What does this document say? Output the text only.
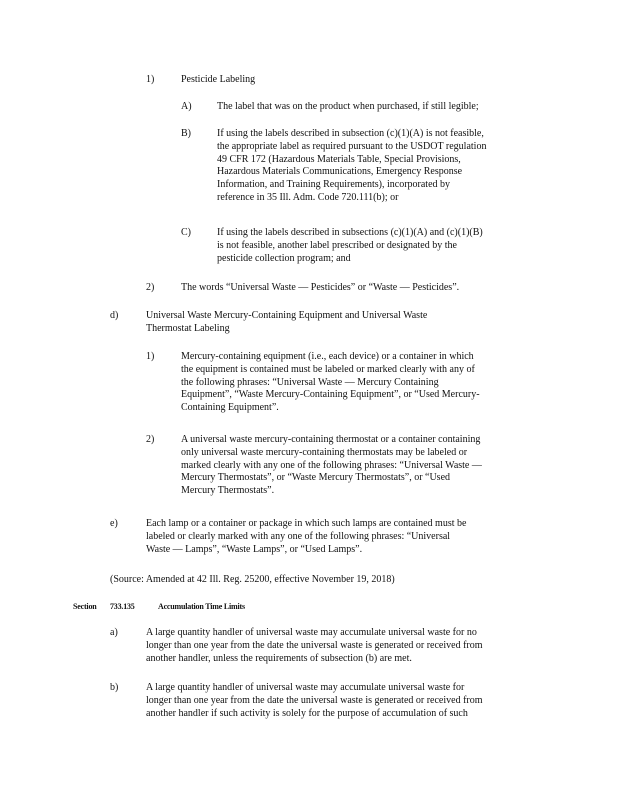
1)	Pesticide Labeling
A)	The label that was on the product when purchased, if still legible;
B)	If using the labels described in subsection (c)(1)(A) is not feasible,
the appropriate label as required pursuant to the USDOT regulation
49 CFR 172 (Hazardous Materials Table, Special Provisions,
Hazardous Materials Communications, Emergency Response
Information, and Training Requirements), incorporated by
reference in 35 Ill. Adm. Code 720.111(b); or
C)	If using the labels described in subsections (c)(1)(A) and (c)(1)(B)
is not feasible, another label prescribed or designated by the
pesticide collection program; and
2)	The words “Universal Waste — Pesticides” or “Waste — Pesticides”.
d)	Universal Waste Mercury-Containing Equipment and Universal Waste
Thermostat Labeling
1)	Mercury-containing equipment (i.e., each device) or a container in which
the equipment is contained must be labeled or marked clearly with any of
the following phrases: “Universal Waste — Mercury Containing
Equipment”, “Waste Mercury-Containing Equipment”, or “Used Mercury-
Containing Equipment”.
2)	A universal waste mercury-containing thermostat or a container containing
only universal waste mercury-containing thermostats may be labeled or
marked clearly with any one of the following phrases: “Universal Waste —
Mercury Thermostats”, or “Waste Mercury Thermostats”, or “Used
Mercury Thermostats”.
e)	Each lamp or a container or package in which such lamps are contained must be
labeled or clearly marked with any one of the following phrases: “Universal
Waste — Lamps”, “Waste Lamps”, or “Used Lamps”.
(Source: Amended at 42 Ill. Reg. 25200, effective November 19, 2018)
Section 733.135	Accumulation Time Limits
a)	A large quantity handler of universal waste may accumulate universal waste for no
longer than one year from the date the universal waste is generated or received from
another handler, unless the requirements of subsection (b) are met.
b)	A large quantity handler of universal waste may accumulate universal waste for
longer than one year from the date the universal waste is generated or received from
another handler if such activity is solely for the purpose of accumulation of such
